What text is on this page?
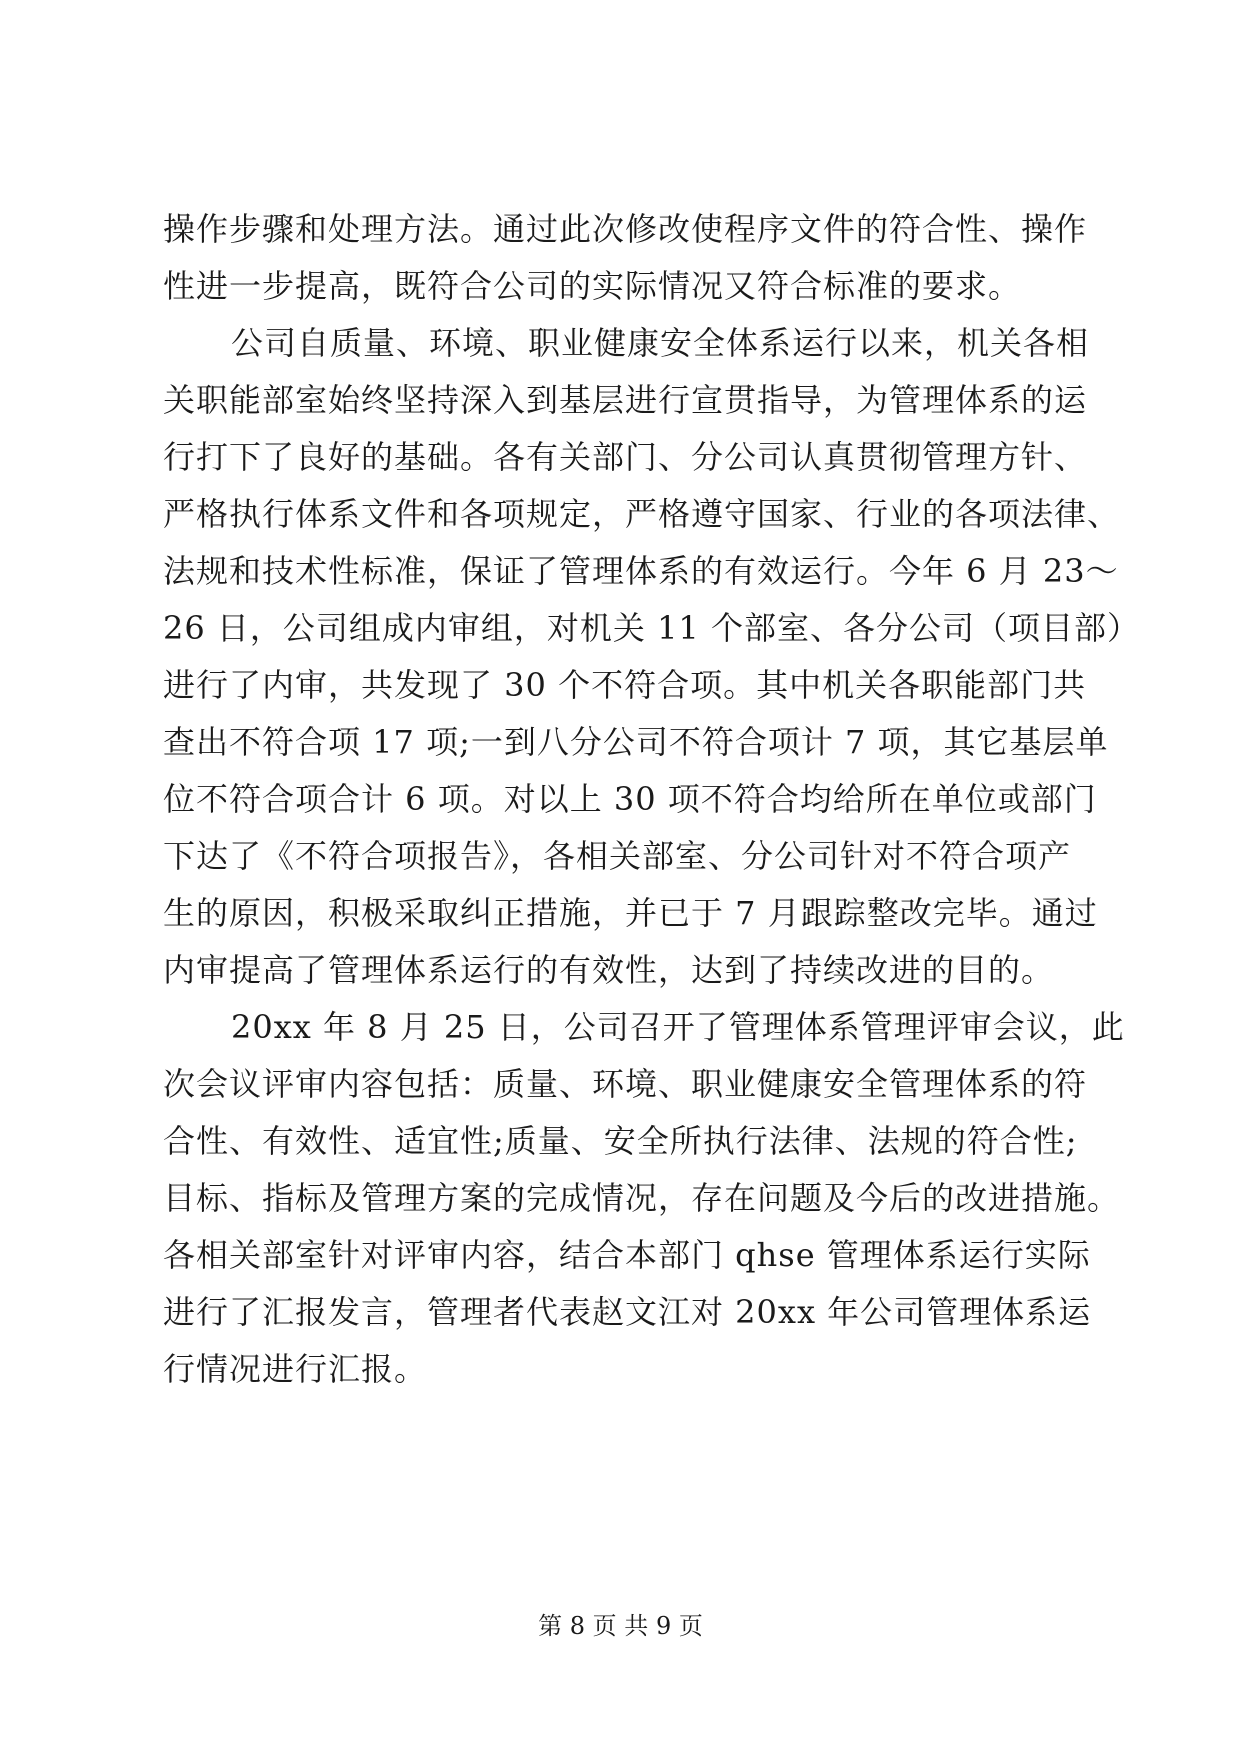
操作步骤和处理方法。通过此次修改使程序文件的符合性、操作
性进一步提高，既符合公司的实际情况又符合标准的要求。
公司自质量、环境、职业健康安全体系运行以来，机关各相
关职能部室始终坚持深入到基层进行宣贯指导，为管理体系的运
行打下了良好的基础。各有关部门、分公司认真贯彻管理方针、
严格执行体系文件和各项规定，严格遵守国家、行业的各项法律、
法规和技术性标准，保证了管理体系的有效运行。今年 6 月 23～
26 日，公司组成内审组，对机关 11 个部室、各分公司（项目部）
进行了内审，共发现了 30 个不符合项。其中机关各职能部门共
查出不符合项 17 项;一到八分公司不符合项计 7 项，其它基层单
位不符合项合计 6 项。对以上 30 项不符合均给所在单位或部门
下达了《不符合项报告》，各相关部室、分公司针对不符合项产
生的原因，积极采取纠正措施，并已于 7 月跟踪整改完毕。通过
内审提高了管理体系运行的有效性，达到了持续改进的目的。
20xx 年 8 月 25 日，公司召开了管理体系管理评审会议，此
次会议评审内容包括：质量、环境、职业健康安全管理体系的符
合性、有效性、适宜性;质量、安全所执行法律、法规的符合性;
目标、指标及管理方案的完成情况，存在问题及今后的改进措施。
各相关部室针对评审内容，结合本部门 qhse 管理体系运行实际
进行了汇报发言，管理者代表赵文江对 20xx 年公司管理体系运
行情况进行汇报。
第 8 页 共 9 页
